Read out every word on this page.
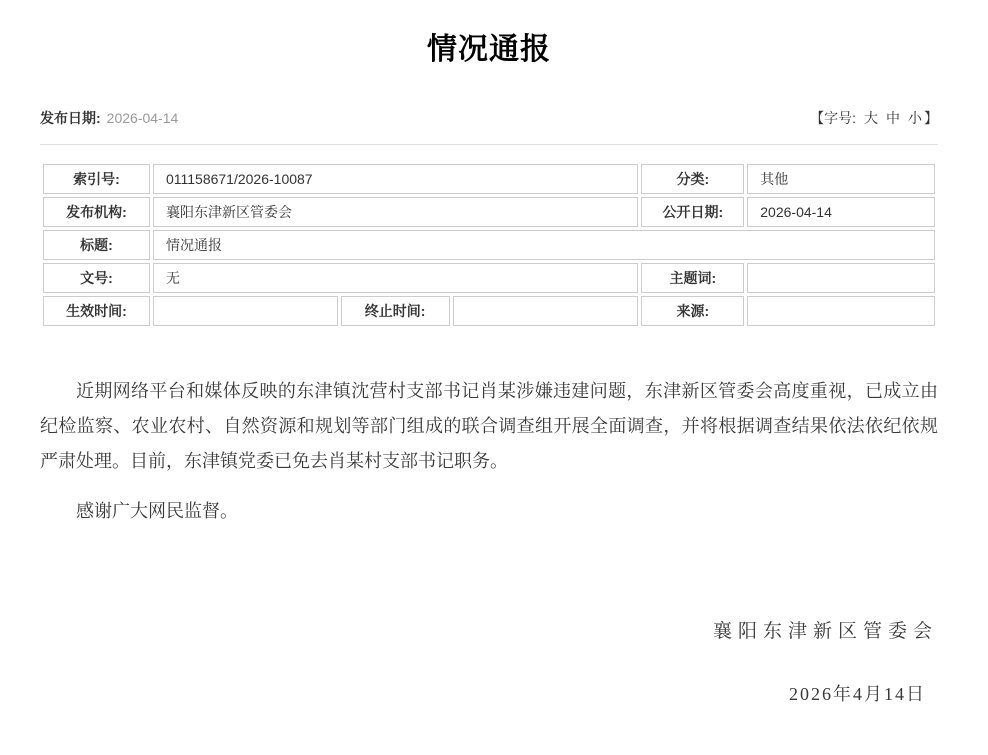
情况通报
发布日期: 2026-04-14	【字号: 大 中 小 】
索引号:	011158671/2026-10087			分类:	其他
发布机构:	襄阳东津新区管委会			公开日期:	2026-04-14
标题:	情况通报				
文号:	无			主题词:	
生效时间:		终止时间:		来源:	

近期网络平台和媒体反映的东津镇沈营村支部书记肖某涉嫌违建问题，东津新区管委会高度重视，已成立由纪检监察、农业农村、自然资源和规划等部门组成的联合调查组开展全面调查，并将根据调查结果依法依纪依规严肃处理。目前，东津镇党委已免去肖某村支部书记职务。

感谢广大网民监督。

襄阳东津新区管委会
2026年4月14日
